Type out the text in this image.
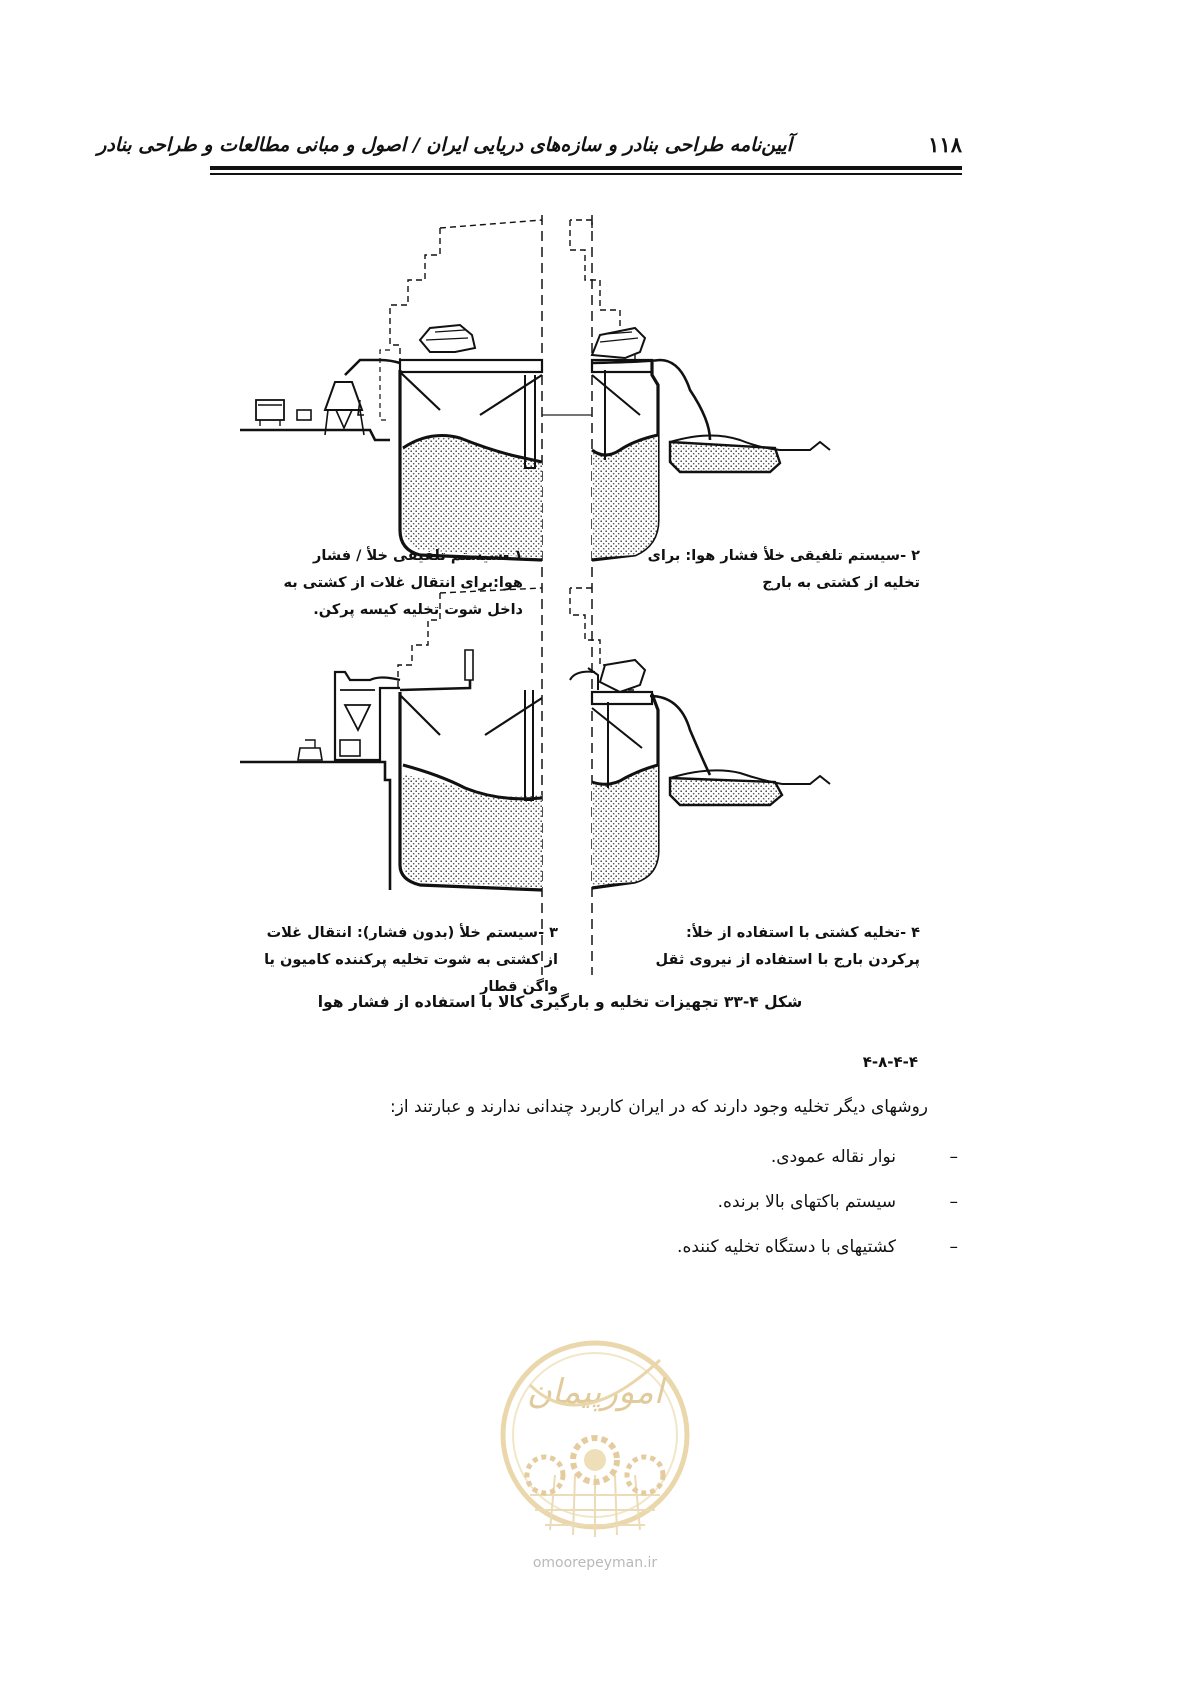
۱۱۸
آیین‌نامه طراحی بنادر و سازه‌های دریایی ایران / اصول و مبانی مطالعات و طراحی بنادر
۱ -سیستم تلفیقی خلأ / فشار هوا:برای انتقال غلات از کشتی به داخل شوت تخلیه کیسه پرکن.
۲ -سیستم تلفیقی خلأ فشار هوا: برای تخلیه از کشتی به بارج
۳ -سیستم خلأ (بدون فشار): انتقال غلات از کشتی به شوت تخلیه پرکننده کامیون یا واگن قطار
۴ -تخلیه کشتی با استفاده از خلأ: پرکردن بارج با استفاده از نیروی ثقل
شکل ۴-۳۳ تجهیزات تخلیه و بارگیری کالا با استفاده از فشار هوا
۴-۸-۴-۴
روشهای دیگر تخلیه وجود دارند که در ایران کاربرد چندانی ندارند و عبارتند از:
–
نوار نقاله عمودی.
–
سیستم باکتهای بالا برنده.
–
کشتیهای با دستگاه تخلیه کننده.
امورپیمان
omoorepeyman.ir
